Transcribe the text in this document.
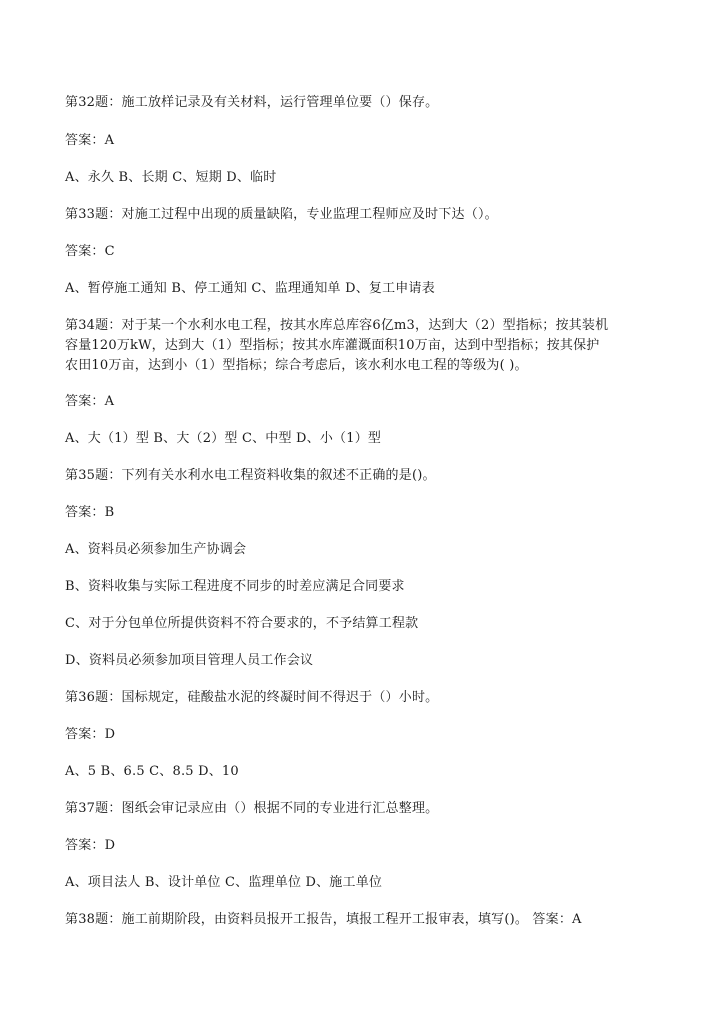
第32题：施工放样记录及有关材料，运行管理单位要（）保存。
答案：A
A、永久 B、长期 C、短期 D、临时
第33题：对施工过程中出现的质量缺陷，专业监理工程师应及时下达（）。
答案：C
A、暂停施工通知 B、停工通知 C、监理通知单 D、复工申请表
第34题：对于某一个水利水电工程，按其水库总库容6亿m3，达到大（2）型指标；按其装机
容量120万kW，达到大（1）型指标；按其水库灌溉面积10万亩，达到中型指标；按其保护
农田10万亩，达到小（1）型指标；综合考虑后，该水利水电工程的等级为( )。
答案：A
A、大（1）型 B、大（2）型 C、中型 D、小（1）型
第35题：下列有关水利水电工程资料收集的叙述不正确的是()。
答案：B
A、资料员必须参加生产协调会
B、资料收集与实际工程进度不同步的时差应满足合同要求
C、对于分包单位所提供资料不符合要求的，不予结算工程款
D、资料员必须参加项目管理人员工作会议
第36题：国标规定，硅酸盐水泥的终凝时间不得迟于（）小时。
答案：D
A、5 B、6.5 C、8.5 D、10
第37题：图纸会审记录应由（）根据不同的专业进行汇总整理。
答案：D
A、项目法人 B、设计单位 C、监理单位 D、施工单位
第38题：施工前期阶段，由资料员报开工报告，填报工程开工报审表，填写()。 答案：A
